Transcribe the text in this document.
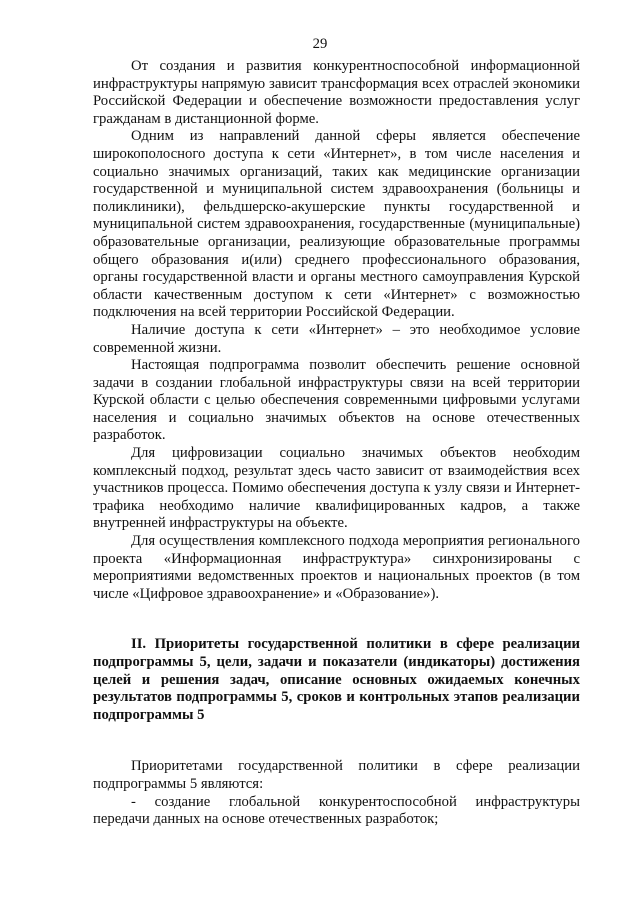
29

От создания и развития конкурентноспособной информационной инфраструктуры напрямую зависит трансформация всех отраслей экономики Российской Федерации и обеспечение возможности предоставления услуг гражданам в дистанционной форме.

Одним из направлений данной сферы является обеспечение широкополосного доступа к сети «Интернет», в том числе населения и социально значимых организаций, таких как медицинские организации государственной и муниципальной систем здравоохранения (больницы и поликлиники), фельдшерско-акушерские пункты государственной и муниципальной систем здравоохранения, государственные (муниципальные) образовательные организации, реализующие образовательные программы общего образования и(или) среднего профессионального образования, органы государственной власти и органы местного самоуправления Курской области качественным доступом к сети «Интернет» с возможностью подключения на всей территории Российской Федерации.

Наличие доступа к сети «Интернет» – это необходимое условие современной жизни.

Настоящая подпрограмма позволит обеспечить решение основной задачи в создании глобальной инфраструктуры связи на всей территории Курской области с целью обеспечения современными цифровыми услугами населения и социально значимых объектов на основе отечественных разработок.

Для цифровизации социально значимых объектов необходим комплексный подход, результат здесь часто зависит от взаимодействия всех участников процесса. Помимо обеспечения доступа к узлу связи и Интернет-трафика необходимо наличие квалифицированных кадров, а также внутренней инфраструктуры на объекте.

Для осуществления комплексного подхода мероприятия регионального проекта «Информационная инфраструктура» синхронизированы с мероприятиями ведомственных проектов и национальных проектов (в том числе «Цифровое здравоохранение» и «Образование»).

II. Приоритеты государственной политики в сфере реализации подпрограммы 5, цели, задачи и показатели (индикаторы) достижения целей и решения задач, описание основных ожидаемых конечных результатов подпрограммы 5, сроков и контрольных этапов реализации подпрограммы 5

Приоритетами государственной политики в сфере реализации подпрограммы 5 являются:

- создание глобальной конкурентоспособной инфраструктуры передачи данных на основе отечественных разработок;
